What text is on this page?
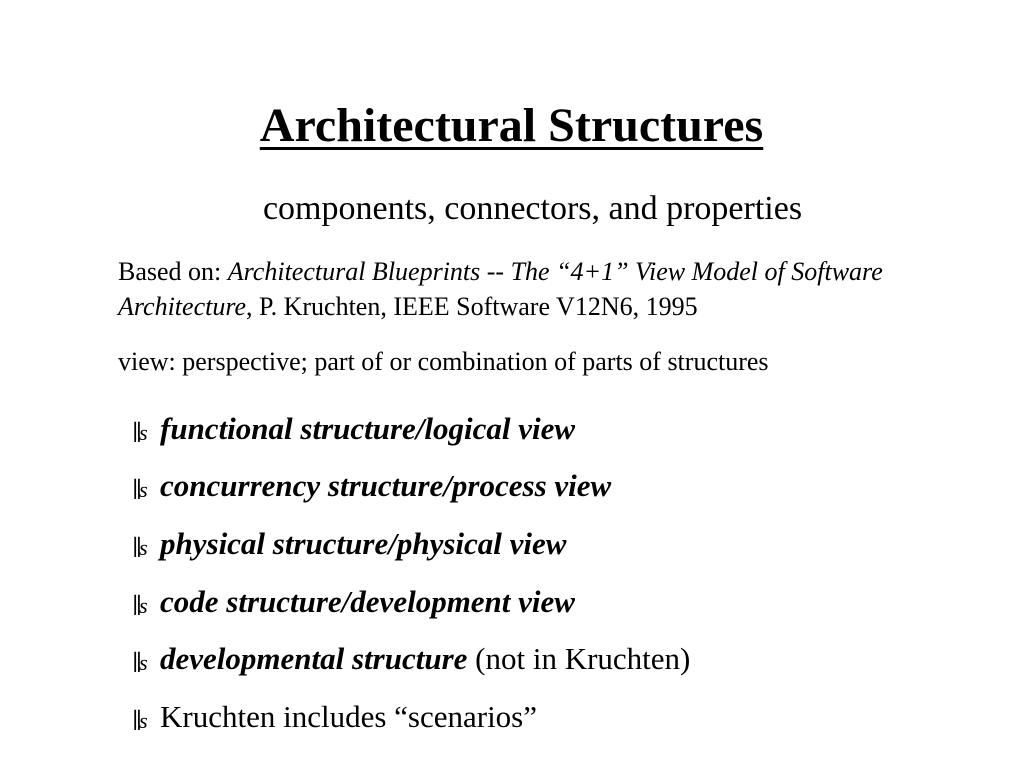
Architectural Structures
components, connectors, and properties
Based on: Architectural Blueprints -- The “4+1” View Model of Software Architecture, P. Kruchten, IEEE Software V12N6, 1995
view: perspective; part of or combination of parts of structures
∥s functional structure/logical view
∥s concurrency structure/process view
∥s physical structure/physical view
∥s code structure/development view
∥s developmental structure (not in Kruchten)
∥s Kruchten includes “scenarios”
